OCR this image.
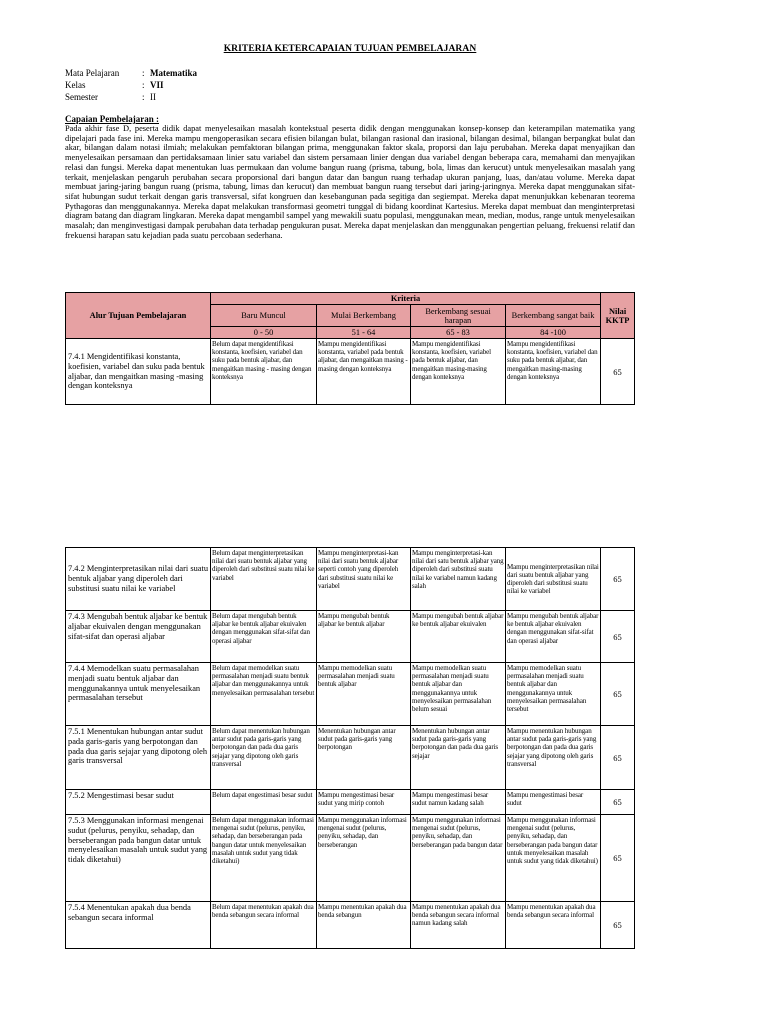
KRITERIA KETERCAPAIAN TUJUAN PEMBELAJARAN
Mata Pelajaran	: Matematika
Kelas	: VII
Semester	: II
Capaian Pembelajaran :
Pada akhir fase D, peserta didik dapat menyelesaikan masalah kontekstual peserta didik dengan menggunakan konsep-konsep dan keterampilan matematika yang dipelajari pada fase ini. Mereka mampu mengoperasikan secara efisien bilangan bulat, bilangan rasional dan irasional, bilangan desimal, bilangan berpangkat bulat dan akar, bilangan dalam notasi ilmiah; melakukan pemfaktoran bilangan prima, menggunakan faktor skala, proporsi dan laju perubahan. Mereka dapat menyajikan dan menyelesaikan persamaan dan pertidaksamaan linier satu variabel dan sistem persamaan linier dengan dua variabel dengan beberapa cara, memahami dan menyajikan relasi dan fungsi. Mereka dapat menentukan luas permukaan dan volume bangun ruang (prisma, tabung, bola, limas dan kerucut) untuk menyelesaikan masalah yang terkait, menjelaskan pengaruh perubahan secara proporsional dari bangun datar dan bangun ruang terhadap ukuran panjang, luas, dan/atau volume. Mereka dapat membuat jaring-jaring bangun ruang (prisma, tabung, limas dan kerucut) dan membuat bangun ruang tersebut dari jaring-jaringnya. Mereka dapat menggunakan sifat-sifat hubungan sudut terkait dengan garis transversal, sifat kongruen dan kesebangunan pada segitiga dan segiempat. Mereka dapat menunjukkan kebenaran teorema Pythagoras dan menggunakannya. Mereka dapat melakukan transformasi geometri tunggal di bidang koordinat Kartesius. Mereka dapat membuat dan menginterpretasi diagram batang dan diagram lingkaran. Mereka dapat mengambil sampel yang mewakili suatu populasi, menggunakan mean, median, modus, range untuk menyelesaikan masalah; dan menginvestigasi dampak perubahan data terhadap pengukuran pusat. Mereka dapat menjelaskan dan menggunakan pengertian peluang, frekuensi relatif dan frekuensi harapan satu kejadian pada suatu percobaan sederhana.
Alur Tujuan Pembelajaran	Kriteria				Nilai KKTP
	Baru Muncul	Mulai Berkembang	Berkembang sesuai harapan	Berkembang sangat baik	
	0 - 50	51 - 64	65 - 83	84 -100	
7.4.1 Mengidentifikasi konstanta, koefisien, variabel dan suku pada bentuk aljabar, dan mengaitkan masing -masing dengan konteksnya	Belum dapat mengidentifikasi konstanta, koefisien, variabel dan suku pada bentuk aljabar, dan mengaitkan masing - masing dengan konteksnya	Mampu mengidentifikasi konstanta, variabel pada bentuk aljabar, dan mengaitkan masing - masing dengan konteksnya	Mampu mengidentifikasi konstanta, koefisien, variabel pada bentuk aljabar, dan mengaitkan masing-masing dengan konteksnya	Mampu mengidentifikasi konstanta, koefisien, variabel dan suku pada bentuk aljabar, dan mengaitkan masing-masing dengan konteksnya	65
7.4.2 Menginterpretasikan nilai dari suatu bentuk aljabar yang diperoleh dari substitusi suatu nilai ke variabel	Belum dapat menginterpretasikan nilai dari suatu bentuk aljabar yang diperoleh dari substitusi suatu nilai ke variabel	Mampu menginterpretasi-kan nilai dari suatu bentuk aljabar seperti contoh yang diperoleh dari substitusi suatu nilai ke variabel	Mampu menginterpretasi-kan nilai dari satu bentuk aljabar yang diperoleh dari substitusi suatu nilai ke variabel namun kadang salah	Mampu menginterpretasikan nilai dari suatu bentuk aljabar yang diperoleh dari substitusi suatu nilai ke variabel	65
7.4.3 Mengubah bentuk aljabar ke bentuk aljabar ekuivalen dengan menggunakan sifat-sifat dan operasi aljabar	Belum dapat mengubah bentuk aljabar ke bentuk aljabar ekuivalen dengan menggunakan sifat-sifat dan operasi aljabar	Mampu mengubah bentuk aljabar ke bentuk aljabar	Mampu mengubah bentuk aljabar ke bentuk aljabar ekuivalen	Mampu mengubah bentuk aljabar ke bentuk aljabar ekuivalen dengan menggunakan sifat-sifat dan operasi aljabar	65
7.4.4 Memodelkan suatu permasalahan menjadi suatu bentuk aljabar dan menggunakannya untuk menyelesaikan permasalahan tersebut	Belum dapat memodelkan suatu permasalahan menjadi suatu bentuk aljabar dan menggunakannya untuk menyelesaikan permasalahan tersebut	Mampu memodelkan suatu permasalahan menjadi suatu bentuk aljabar	Mampu memodelkan suatu permasalahan menjadi suatu bentuk aljabar dan menggunakannya untuk menyelesaikan permasalahan belum sesuai	Mampu memodelkan suatu permasalahan menjadi suatu bentuk aljabar dan menggunakannya untuk menyelesaikan permasalahan tersebut	65
7.5.1 Menentukan hubungan antar sudut pada garis-garis yang berpotongan dan pada dua garis sejajar yang dipotong oleh garis transversal	Belum dapat menentukan hubungan antar sudut pada garis-garis yang berpotongan dan pada dua garis sejajar yang dipotong oleh garis transversal	Menentukan hubungan antar sudut pada garis-garis yang berpotongan	Menentukan hubungan antar sudut pada garis-garis yang berpotongan dan pada dua garis sejajar	Mampu menentukan hubungan antar sudut pada garis-garis yang berpotongan dan pada dua garis sejajar yang dipotong oleh garis transversal	65
7.5.2 Mengestimasi besar sudut	Belum dapat engestimasi besar sudut	Mampu mengestimasi besar sudut yang mirip contoh	Mampu mengestimasi besar sudut namun kadang salah	Mampu mengestimasi besar sudut	65
7.5.3 Menggunakan informasi mengenai sudut (pelurus, penyiku, sehadap, dan berseberangan pada bangun datar untuk menyelesaikan masalah untuk sudut yang tidak diketahui)	Belum dapat menggunakan informasi mengenai sudut (pelurus, penyiku, sehadap, dan berseberangan pada bangun datar untuk menyelesaikan masalah untuk sudut yang tidak diketahui)	Mampu menggunakan informasi mengenai sudut (pelurus, penyiku, sehadap, dan berseberangan	Mampu menggunakan informasi mengenai sudut (pelurus, penyiku, sehadap, dan berseberangan pada bangun datar	Mampu menggunakan informasi mengenai sudut (pelurus, penyiku, sehadap, dan berseberangan pada bangun datar untuk menyelesaikan masalah untuk sudut yang tidak diketahui)	65
7.5.4 Menentukan apakah dua benda sebangun secara informal	Belum dapat menentukan apakah dua benda sebangun secara informal	Mampu menentukan apakah dua benda sebangun	Mampu menentukan apakah dua benda sebangun secara informal namun kadang salah	Mampu menentukan apakah dua benda sebangun secara informal	65
